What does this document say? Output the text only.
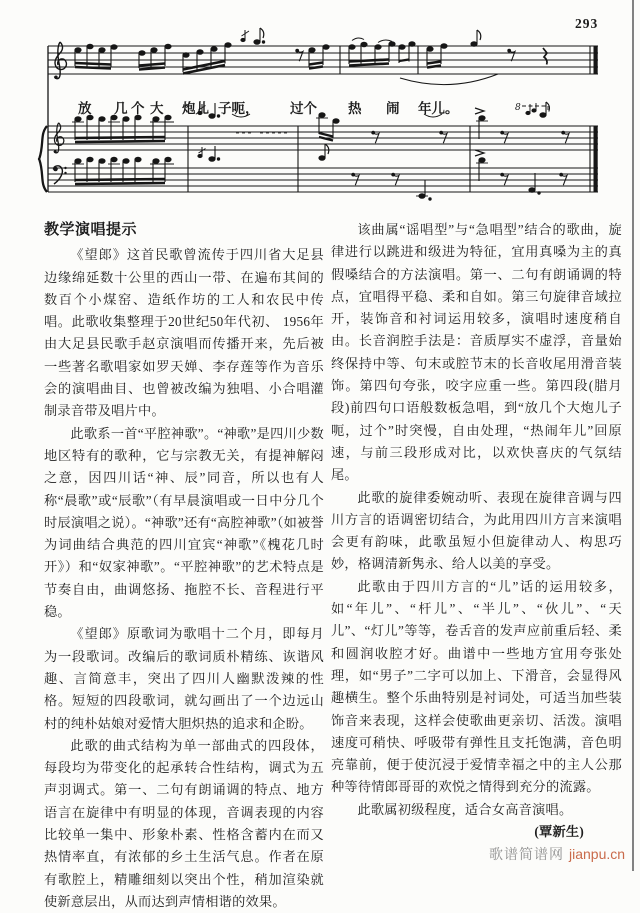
293
8
放 几 个 大 炮儿 子呃， 过个 热 闹 年儿。
教学演唱提示

《望郎》这首民歌曾流传于四川省大足县边缘绵延数十公里的西山一带、在遍布其间的数百个小煤窑、造纸作坊的工人和农民中传唱。此歌收集整理于20世纪50年代初、 1956年由大足县民歌手赵京演唱而传播开来，先后被一些著名歌唱家如罗天婵、李存莲等作为音乐会的演唱曲目、也曾被改编为独唱、小合唱灌制录音带及唱片中。

此歌系一首“平腔神歌”。“神歌”是四川少数地区特有的歌种，它与宗教无关，有提神解闷之意，因四川话“神、辰”同音，所以也有人称“晨歌”或“辰歌”（有早晨演唱或一日中分几个时辰演唱之说）。“神歌”还有“高腔神歌”（如被誉为词曲结合典范的四川宜宾“神歌”《槐花几时开》）和“奴家神歌”。“平腔神歌”的艺术特点是节奏自由，曲调悠扬、拖腔不长、音程进行平稳。

《望郎》原歌词为歌唱十二个月，即每月为一段歌词。改编后的歌词质朴精练、诙谐风趣、言简意丰，突出了四川人幽默泼辣的性格。短短的四段歌词，就勾画出了一个边远山村的纯朴姑娘对爱情大胆炽热的追求和企盼。

此歌的曲式结构为单一部曲式的四段体，每段均为带变化的起承转合性结构，调式为五声羽调式。第一、二句有朗诵调的特点、地方语言在旋律中有明显的体现，音调表现的内容比较单一集中、形象朴素、性格含蓄内在而又热情率直，有浓郁的乡土生活气息。作者在原有歌腔上，精雕细刻以突出个性，稍加渲染就使新意层出，从而达到声情相谐的效果。

该曲属“谣唱型”与“急唱型”结合的歌曲，旋律进行以跳进和级进为特征，宜用真嗓为主的真假嗓结合的方法演唱。第一、二句有朗诵调的特点，宜唱得平稳、柔和自如。第三句旋律音域拉开，装饰音和衬词运用较多，演唱时速度稍自由。长音润腔手法是：音质厚实不虚浮，音量始终保持中等、句末或腔节末的长音收尾用滑音装饰。第四句夸张，咬字应重一些。第四段(腊月段)前四句口语般数板急唱，到“放几个大炮儿子呃，过个”时突慢，自由处理，“热闹年儿”回原速，与前三段形成对比，以欢快喜庆的气氛结尾。

此歌的旋律委婉动听、表现在旋律音调与四川方言的语调密切结合，为此用四川方言来演唱会更有韵味，此歌虽短小但旋律动人、构思巧妙，格调清新隽永、给人以美的享受。

此歌由于四川方言的“儿”话的运用较多，如“年儿”、“杆儿”、“半儿”、“伙儿”、“天儿”、“灯儿”等等，卷舌音的发声应前重后轻、柔和圆润收腔才好。曲谱中一些地方宜用夸张处理，如“男子”二字可以加上、下滑音，会显得风趣横生。整个乐曲特别是衬词处，可适当加些装饰音来表现，这样会使歌曲更亲切、活泼。演唱速度可稍快、呼吸带有弹性且支托饱满，音色明亮靠前，便于使沉浸于爱情幸福之中的主人公那种等待情郎哥哥的欢悦之情得到充分的流露。

此歌属初级程度，适合女高音演唱。

(覃新生)

歌谱简谱网 jianpu.cn
